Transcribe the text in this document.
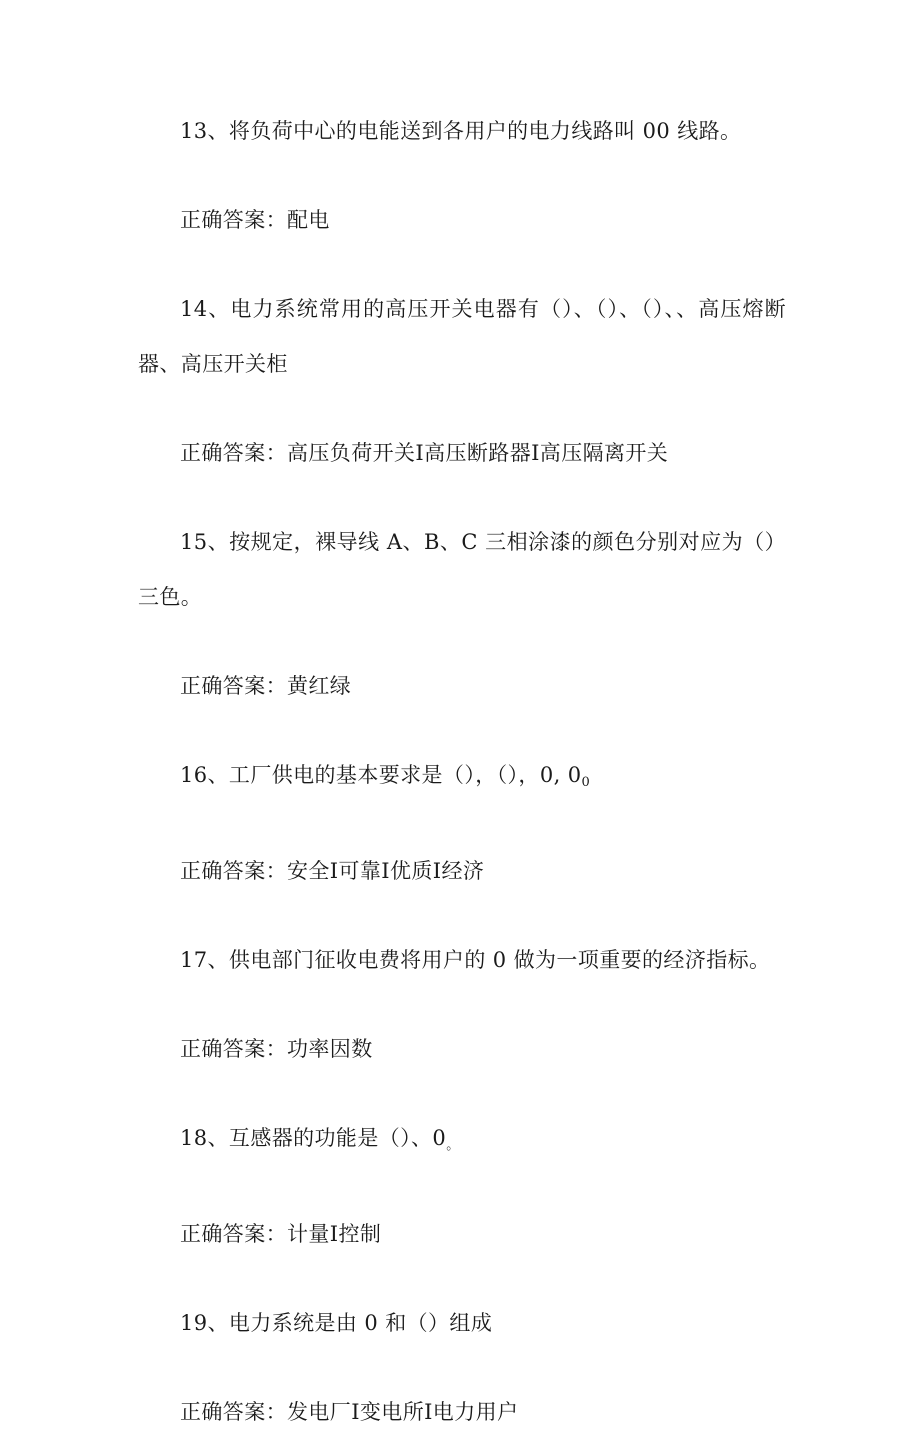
13、将负荷中心的电能送到各用户的电力线路叫 00 线路。

正确答案：配电

14、电力系统常用的高压开关电器有（）、（）、（）、、高压熔断器、高压开关柜

正确答案：高压负荷开关Ⅰ高压断路器Ⅰ高压隔离开关

15、按规定，裸导线 A、B、C 三相涂漆的颜色分别对应为（）三色。

正确答案：黄红绿

16、工厂供电的基本要求是（），（），0, $0_0$

正确答案：安全Ⅰ可靠Ⅰ优质Ⅰ经济

17、供电部门征收电费将用户的 0 做为一项重要的经济指标。

正确答案：功率因数

18、互感器的功能是（）、$0_。$

正确答案：计量Ⅰ控制

19、电力系统是由 0 和（）组成

正确答案：发电厂Ⅰ变电所Ⅰ电力用户
